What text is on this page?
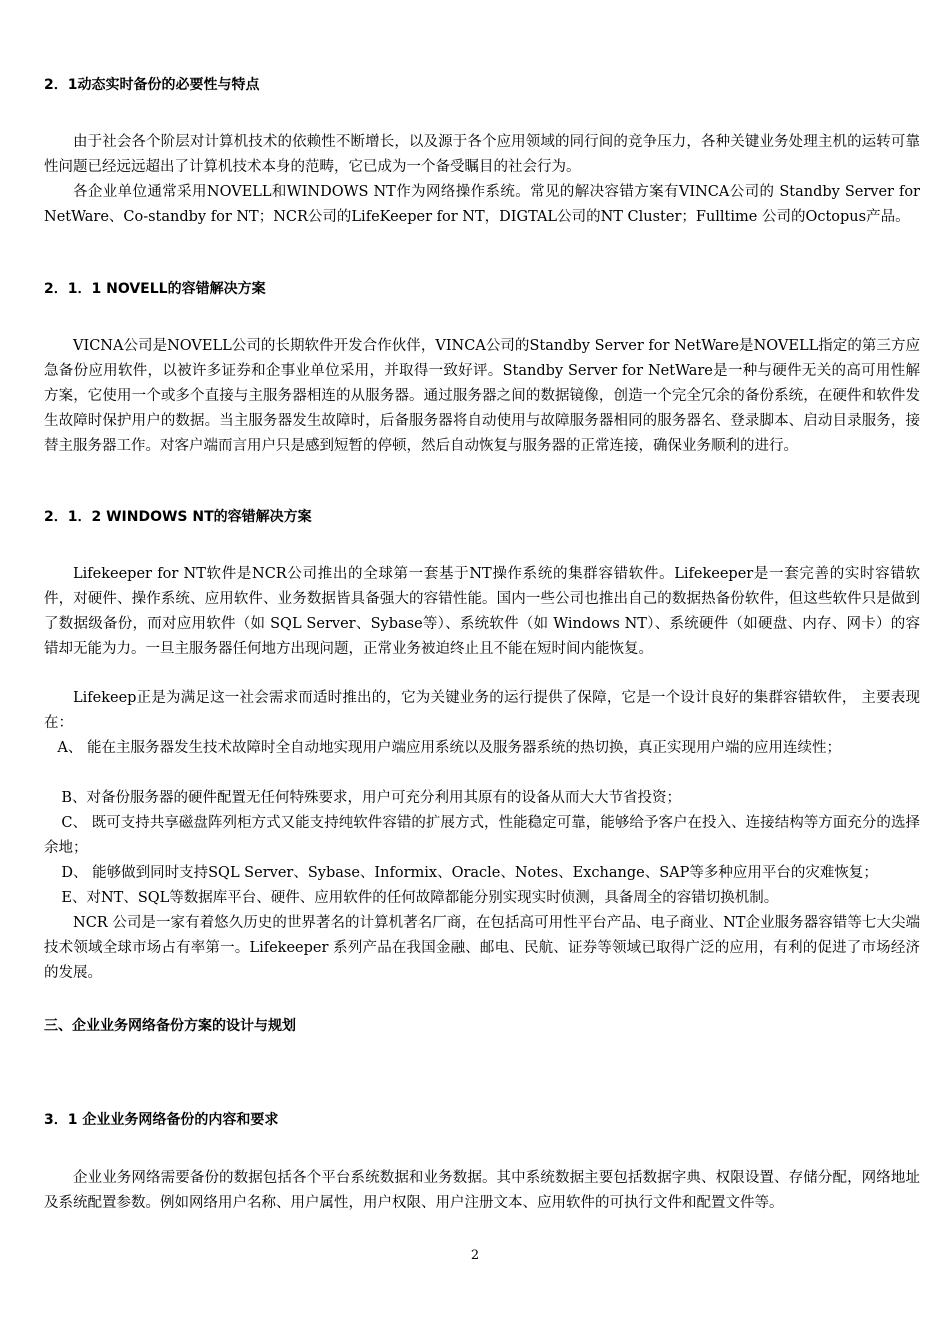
2．1动态实时备份的必要性与特点

由于社会各个阶层对计算机技术的依赖性不断增长，以及源于各个应用领域的同行间的竞争压力，各种关键业务处理主机的运转可靠性问题已经远远超出了计算机技术本身的范畴，它已成为一个备受瞩目的社会行为。

各企业单位通常采用NOVELL和WINDOWS NT作为网络操作系统。常见的解决容错方案有VINCA公司的 Standby Server for NetWare、Co-standby for NT；NCR公司的LifeKeeper for NT，DIGTAL公司的NT Cluster；Fulltime 公司的Octopus产品。

2．1．1 NOVELL的容错解决方案

VICNA公司是NOVELL公司的长期软件开发合作伙伴，VINCA公司的Standby Server for NetWare是NOVELL指定的第三方应急备份应用软件，以被许多证券和企事业单位采用，并取得一致好评。Standby Server for NetWare是一种与硬件无关的高可用性解方案，它使用一个或多个直接与主服务器相连的从服务器。通过服务器之间的数据镜像，创造一个完全冗余的备份系统，在硬件和软件发生故障时保护用户的数据。当主服务器发生故障时，后备服务器将自动使用与故障服务器相同的服务器名、登录脚本、启动目录服务，接替主服务器工作。对客户端而言用户只是感到短暂的停顿，然后自动恢复与服务器的正常连接，确保业务顺利的进行。

2．1．2 WINDOWS NT的容错解决方案

Lifekeeper for NT软件是NCR公司推出的全球第一套基于NT操作系统的集群容错软件。Lifekeeper是一套完善的实时容错软件，对硬件、操作系统、应用软件、业务数据皆具备强大的容错性能。国内一些公司也推出自己的数据热备份软件，但这些软件只是做到了数据级备份，而对应用软件（如 SQL Server、Sybase等）、系统软件（如 Windows NT）、系统硬件（如硬盘、内存、网卡）的容错却无能为力。一旦主服务器任何地方出现问题，正常业务被迫终止且不能在短时间内能恢复。

Lifekeep正是为满足这一社会需求而适时推出的，它为关键业务的运行提供了保障，它是一个设计良好的集群容错软件， 主要表现在：

A、 能在主服务器发生技术故障时全自动地实现用户端应用系统以及服务器系统的热切换，真正实现用户端的应用连续性；

B、对备份服务器的硬件配置无任何特殊要求，用户可充分利用其原有的设备从而大大节省投资；

C、 既可支持共享磁盘阵列柜方式又能支持纯软件容错的扩展方式，性能稳定可靠，能够给予客户在投入、连接结构等方面充分的选择余地；

D、 能够做到同时支持SQL Server、Sybase、Informix、Oracle、Notes、Exchange、SAP等多种应用平台的灾难恢复；

E、对NT、SQL等数据库平台、硬件、应用软件的任何故障都能分别实现实时侦测，具备周全的容错切换机制。

NCR 公司是一家有着悠久历史的世界著名的计算机著名厂商，在包括高可用性平台产品、电子商业、NT企业服务器容错等七大尖端技术领域全球市场占有率第一。Lifekeeper 系列产品在我国金融、邮电、民航、证券等领域已取得广泛的应用，有利的促进了市场经济的发展。

三、企业业务网络备份方案的设计与规划
3．1 企业业务网络备份的内容和要求

企业业务网络需要备份的数据包括各个平台系统数据和业务数据。其中系统数据主要包括数据字典、权限设置、存储分配，网络地址及系统配置参数。例如网络用户名称、用户属性，用户权限、用户注册文本、应用软件的可执行文件和配置文件等。

2
